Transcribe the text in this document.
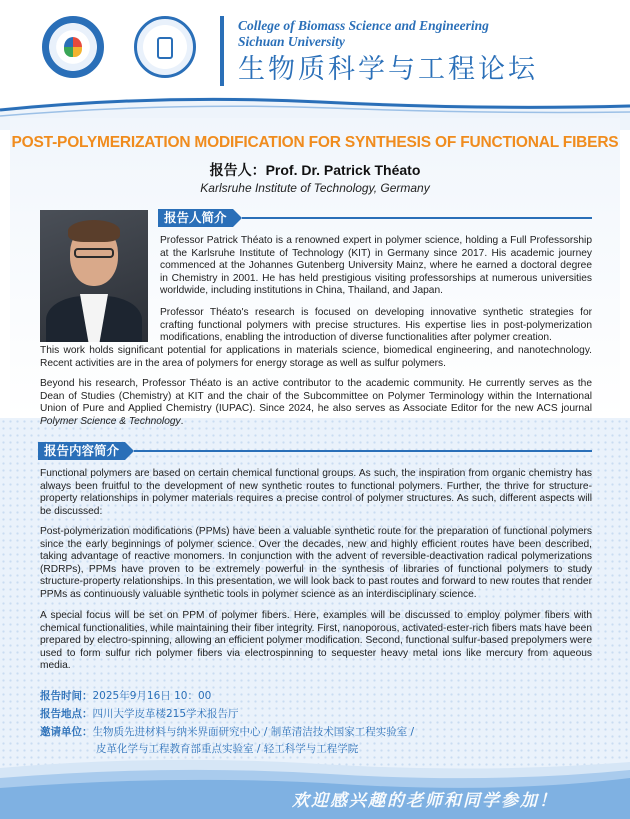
College of Biomass Science and Engineering
Sichuan University
生物质科学与工程论坛
POST-POLYMERIZATION MODIFICATION FOR SYNTHESIS OF FUNCTIONAL FIBERS
报告人：Prof. Dr. Patrick Théato
Karlsruhe Institute of Technology, Germany
报告人简介
Professor Patrick Théato is a renowned expert in polymer science, holding a Full Professorship at the Karlsruhe Institute of Technology (KIT) in Germany since 2017. His academic journey commenced at the Johannes Gutenberg University Mainz, where he earned a doctoral degree in Chemistry in 2001. He has held prestigious visiting professorships at numerous universities worldwide, including institutions in China, Thailand, and Japan.
Professor Théato's research is focused on developing innovative synthetic strategies for crafting functional polymers with precise structures. His expertise lies in post-polymerization modifications, enabling the introduction of diverse functionalities after polymer creation.
This work holds significant potential for applications in materials science, biomedical engineering, and nanotechnology. Recent activities are in the area of polymers for energy storage as well as sulfur polymers.
Beyond his research, Professor Théato is an active contributor to the academic community. He currently serves as the Dean of Studies (Chemistry) at KIT and the chair of the Subcommittee on Polymer Terminology within the International Union of Pure and Applied Chemistry (IUPAC). Since 2024, he also serves as Associate Editor for the new ACS journal Polymer Science & Technology.
报告内容简介
Functional polymers are based on certain chemical functional groups. As such, the inspiration from organic chemistry has always been fruitful to the development of new synthetic routes to functional polymers. Further, the thrive for structure-property relationships in polymer materials requires a precise control of polymer structures. As such, different aspects will be discussed:
Post-polymerization modifications (PPMs) have been a valuable synthetic route for the preparation of functional polymers since the early beginnings of polymer science. Over the decades, new and highly efficient routes have been described, taking advantage of reactive monomers. In conjunction with the advent of reversible-deactivation radical polymerizations (RDRPs), PPMs have proven to be extremely powerful in the synthesis of libraries of functional polymers to study structure-property relationships. In this presentation, we will look back to past routes and forward to new routes that render PPMs as continuously valuable synthetic tools in polymer science as an interdisciplinary science.
A special focus will be set on PPM of polymer fibers. Here, examples will be discussed to employ polymer fibers with chemical functionalities, while maintaining their fiber integrity. First, nanoporous, activated-ester-rich fibers mats have been prepared by electro-spinning, allowing an efficient polymer modification. Second, functional sulfur-based prepolymers were used to form sulfur rich polymer fibers via electrospinning to sequester heavy metal ions like mercury from aqueous media.
报告时间：2025年9月16日 10：00
报告地点：四川大学皮革楼215学术报告厅
邀请单位：生物质先进材料与纳米界面研究中心 / 制革清洁技术国家工程实验室 /
皮革化学与工程教育部重点实验室 / 轻工科学与工程学院
欢迎感兴趣的老师和同学参加！
